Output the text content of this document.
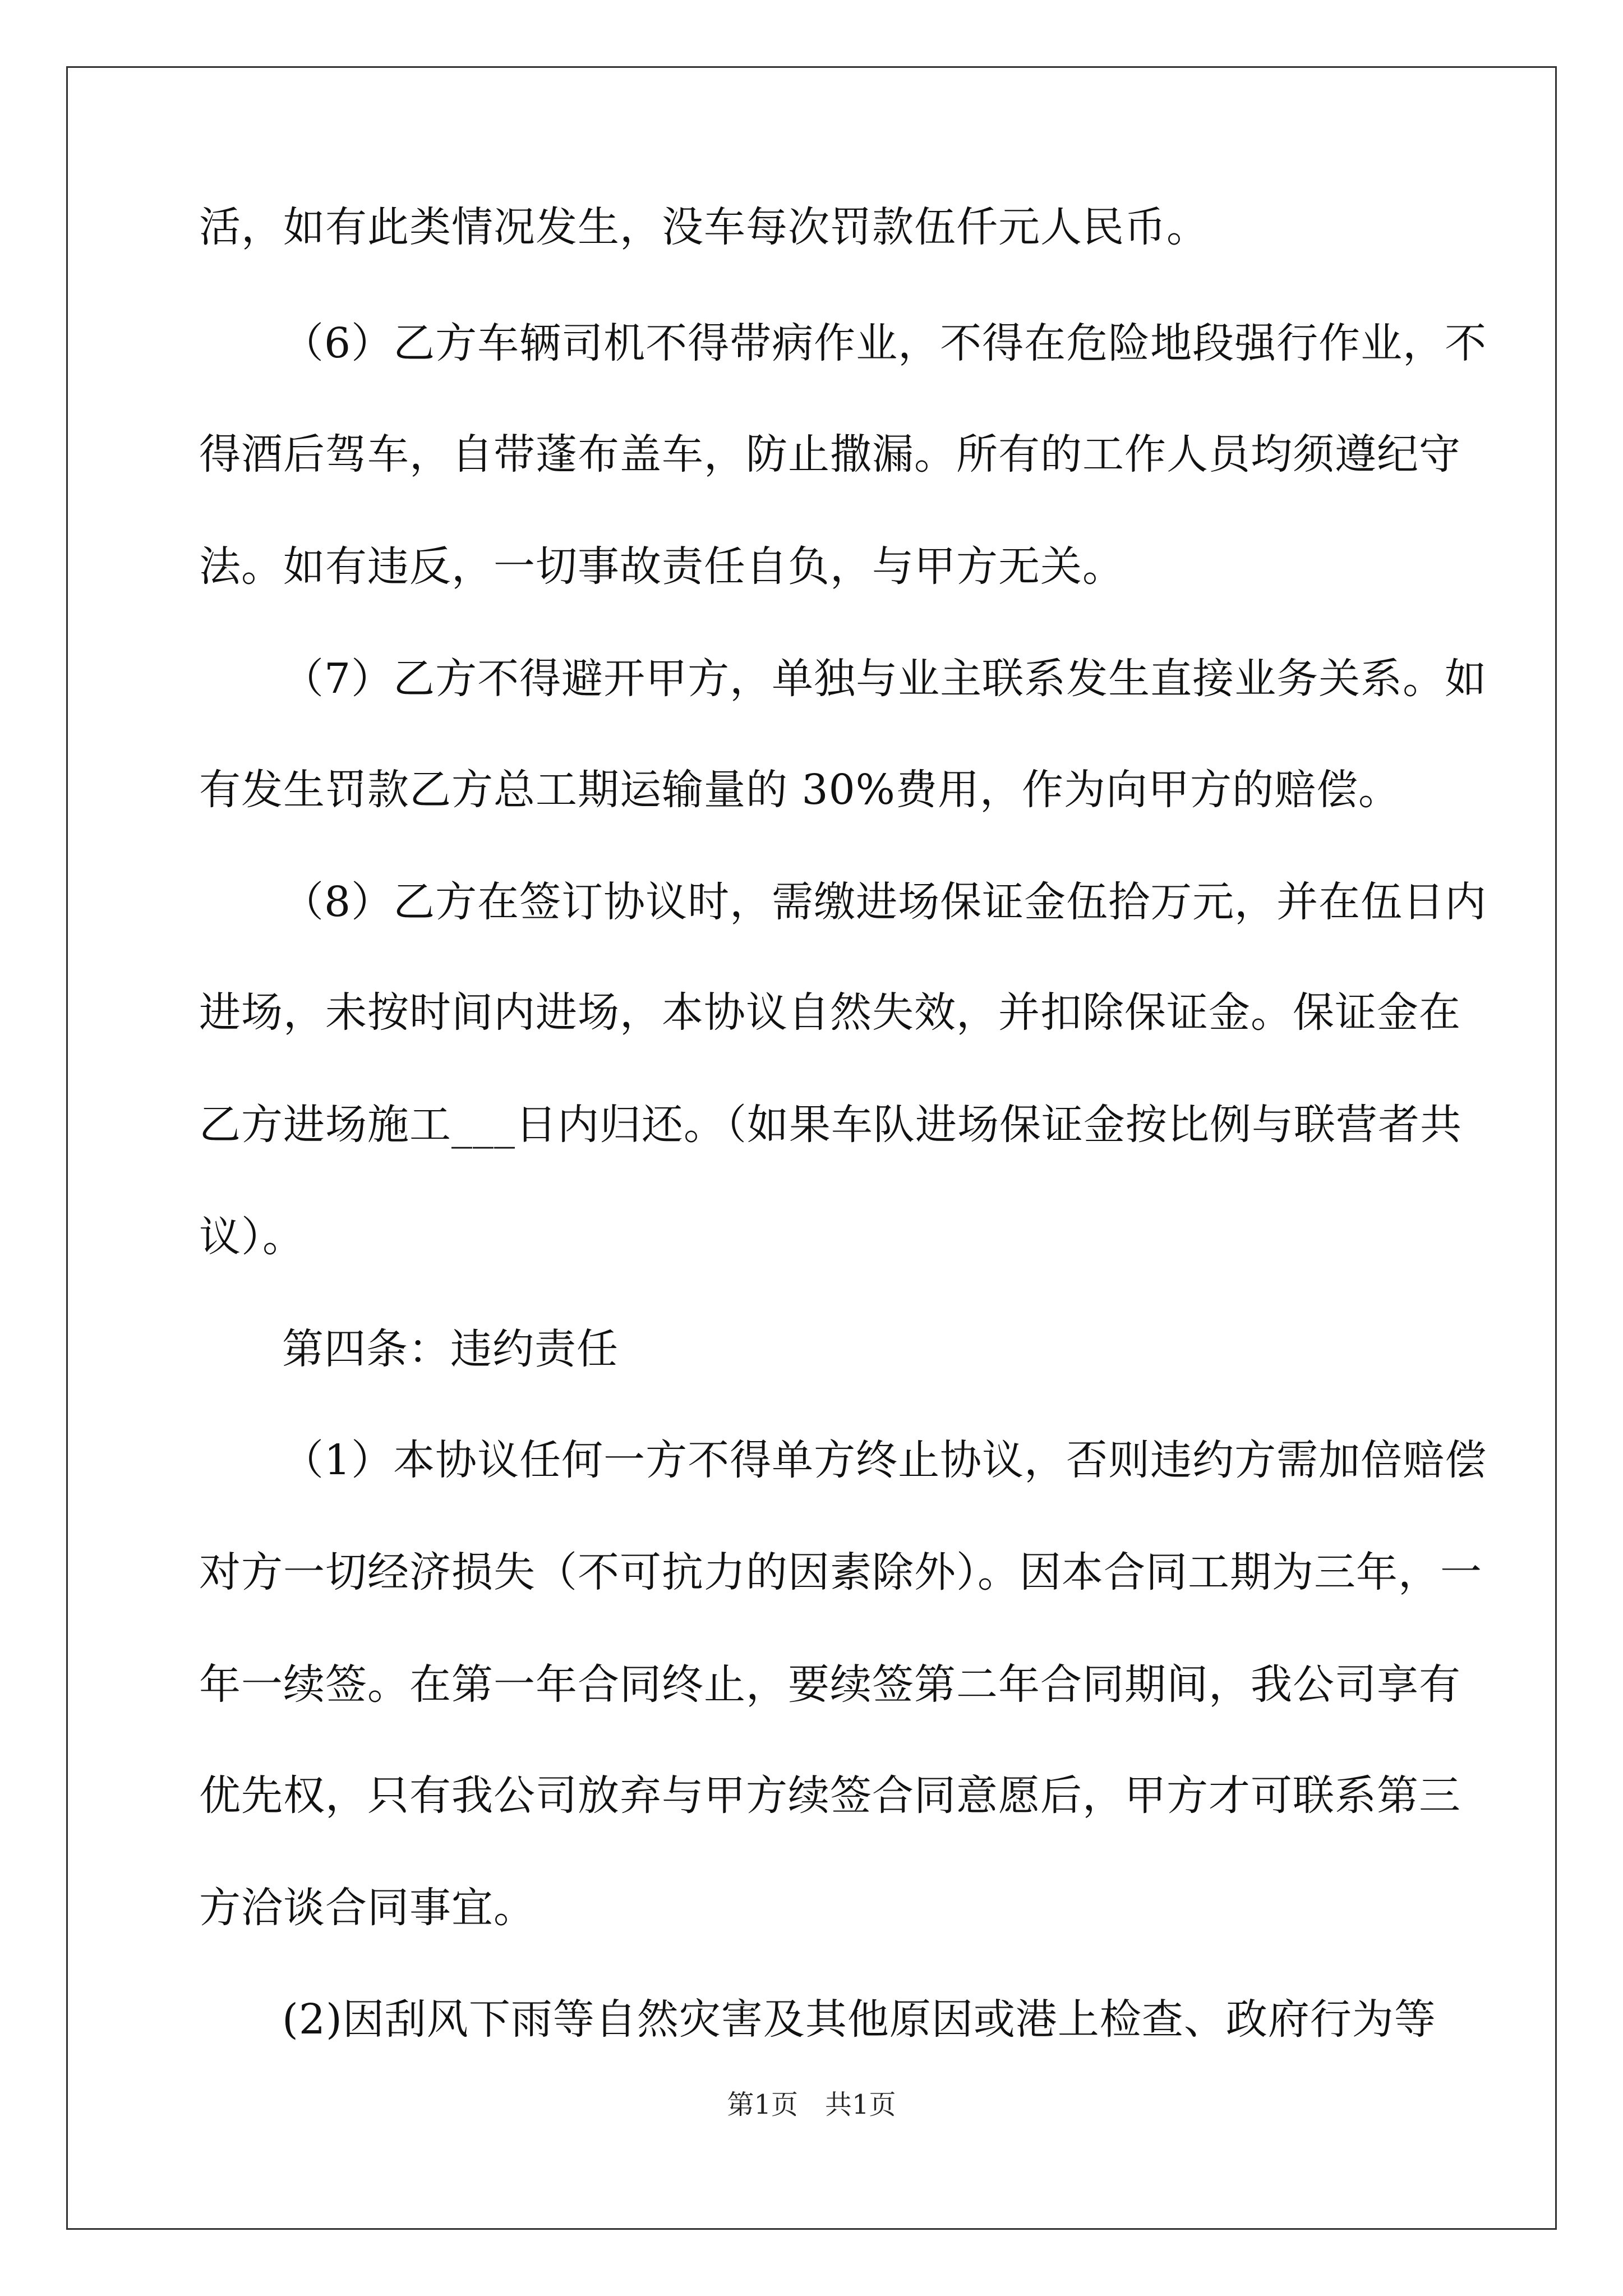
活，如有此类情况发生，没车每次罚款伍仟元人民币。
（6）乙方车辆司机不得带病作业，不得在危险地段强行作业，不
得酒后驾车，自带蓬布盖车，防止撒漏。所有的工作人员均须遵纪守
法。如有违反，一切事故责任自负，与甲方无关。
（7）乙方不得避开甲方，单独与业主联系发生直接业务关系。如
有发生罚款乙方总工期运输量的 30%费用，作为向甲方的赔偿。
（8）乙方在签订协议时，需缴进场保证金伍拾万元，并在伍日内
进场，未按时间内进场，本协议自然失效，并扣除保证金。保证金在
乙方进场施工___日内归还。（如果车队进场保证金按比例与联营者共
议）。
第四条：违约责任
（1）本协议任何一方不得单方终止协议，否则违约方需加倍赔偿
对方一切经济损失（不可抗力的因素除外）。因本合同工期为三年，一
年一续签。在第一年合同终止，要续签第二年合同期间，我公司享有
优先权，只有我公司放弃与甲方续签合同意愿后，甲方才可联系第三
方洽谈合同事宜。
(2)因刮风下雨等自然灾害及其他原因或港上检查、政府行为等
第1页　共1页
